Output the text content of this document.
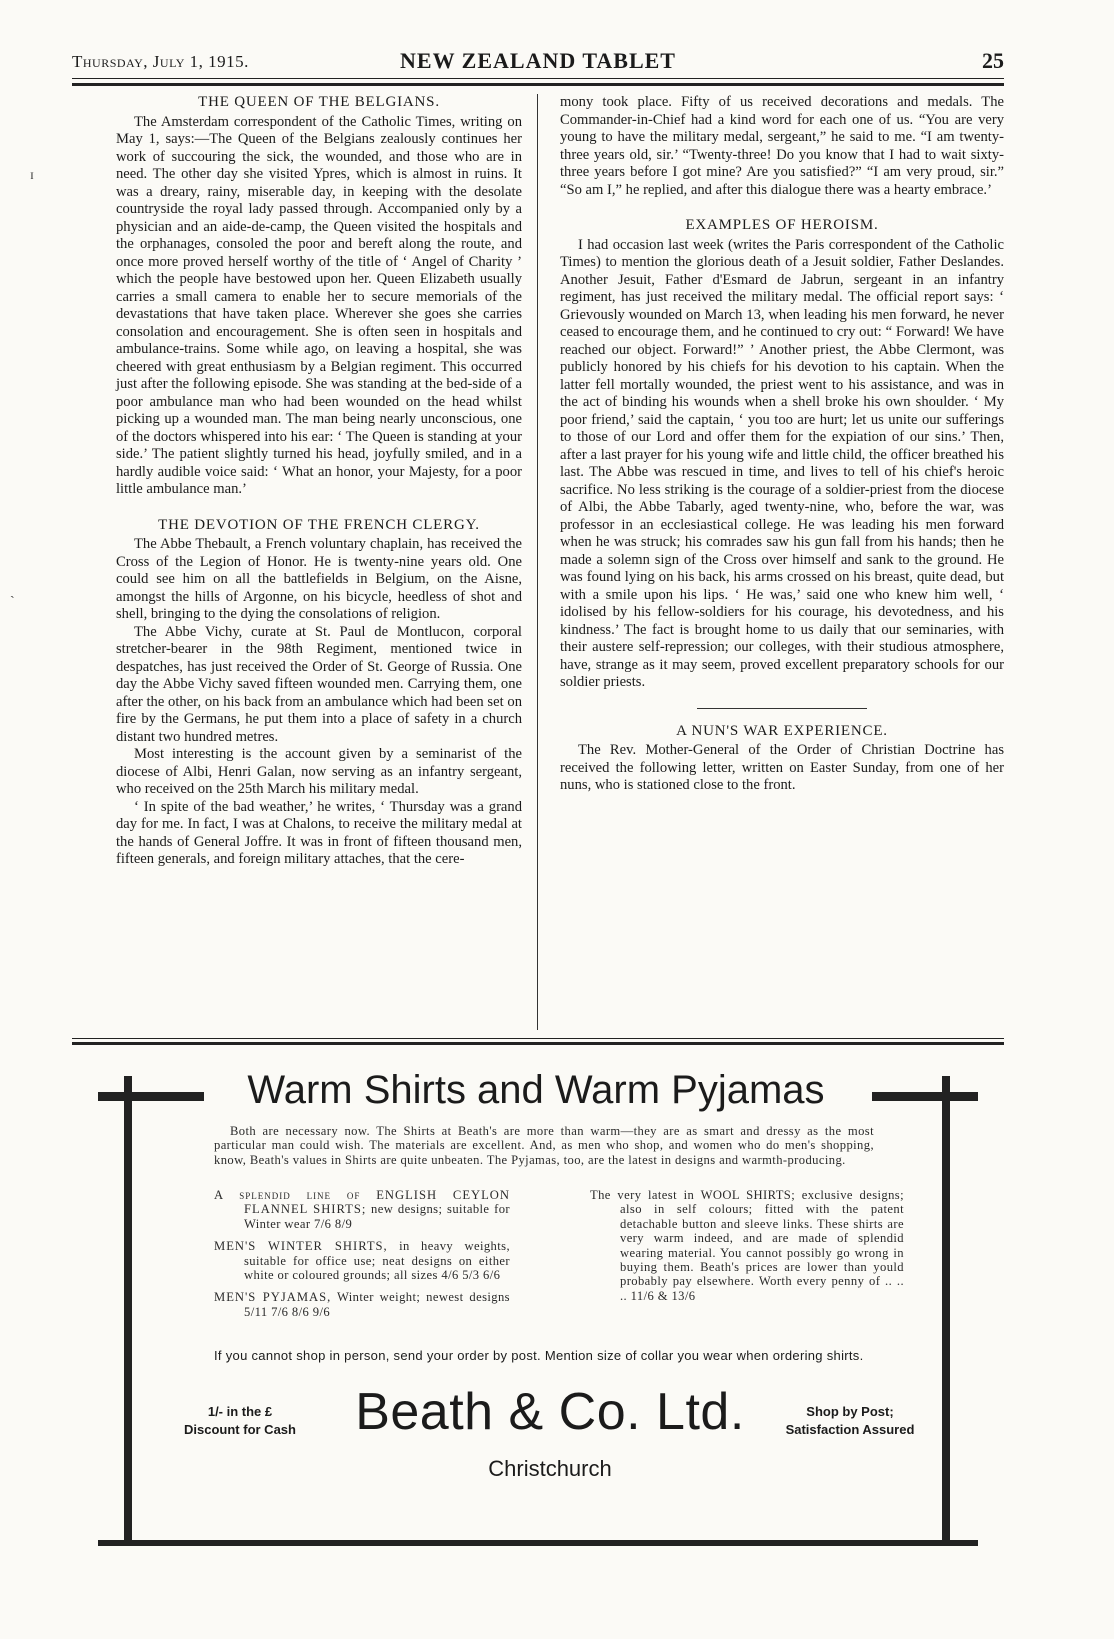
Thursday, July 1, 1915.	NEW ZEALAND TABLET	25
ɪ
ˏ
THE QUEEN OF THE BELGIANS.

The Amsterdam correspondent of the Catholic Times, writing on May 1, says:—The Queen of the Belgians zealously continues her work of succouring the sick, the wounded, and those who are in need. The other day she visited Ypres, which is almost in ruins. It was a dreary, rainy, miserable day, in keeping with the desolate countryside the royal lady passed through. Accompanied only by a physician and an aide-de-camp, the Queen visited the hospitals and the orphanages, consoled the poor and bereft along the route, and once more proved herself worthy of the title of ‘ Angel of Charity ’ which the people have bestowed upon her. Queen Elizabeth usually carries a small camera to enable her to secure memorials of the devastations that have taken place. Wherever she goes she carries consolation and encouragement. She is often seen in hospitals and ambulance-trains. Some while ago, on leaving a hospital, she was cheered with great enthusiasm by a Belgian regiment. This occurred just after the following episode. She was standing at the bed-side of a poor ambulance man who had been wounded on the head whilst picking up a wounded man. The man being nearly unconscious, one of the doctors whispered into his ear: ‘ The Queen is standing at your side.’ The patient slightly turned his head, joyfully smiled, and in a hardly audible voice said: ‘ What an honor, your Majesty, for a poor little ambulance man.’

THE DEVOTION OF THE FRENCH CLERGY.

The Abbe Thebault, a French voluntary chaplain, has received the Cross of the Legion of Honor. He is twenty-nine years old. One could see him on all the battlefields in Belgium, on the Aisne, amongst the hills of Argonne, on his bicycle, heedless of shot and shell, bringing to the dying the consolations of religion.

The Abbe Vichy, curate at St. Paul de Montlucon, corporal stretcher-bearer in the 98th Regiment, mentioned twice in despatches, has just received the Order of St. George of Russia. One day the Abbe Vichy saved fifteen wounded men. Carrying them, one after the other, on his back from an ambulance which had been set on fire by the Germans, he put them into a place of safety in a church distant two hundred metres.

Most interesting is the account given by a seminarist of the diocese of Albi, Henri Galan, now serving as an infantry sergeant, who received on the 25th March his military medal.

‘ In spite of the bad weather,’ he writes, ‘ Thursday was a grand day for me. In fact, I was at Chalons, to receive the military medal at the hands of General Joffre. It was in front of fifteen thousand men, fifteen generals, and foreign military attaches, that the cere-

mony took place. Fifty of us received decorations and medals. The Commander-in-Chief had a kind word for each one of us. “You are very young to have the military medal, sergeant,” he said to me. “I am twenty-three years old, sir.’ “Twenty-three! Do you know that I had to wait sixty-three years before I got mine? Are you satisfied?” “I am very proud, sir.” “So am I,” he replied, and after this dialogue there was a hearty embrace.’

EXAMPLES OF HEROISM.

I had occasion last week (writes the Paris correspondent of the Catholic Times) to mention the glorious death of a Jesuit soldier, Father Deslandes. Another Jesuit, Father d'Esmard de Jabrun, sergeant in an infantry regiment, has just received the military medal. The official report says: ‘ Grievously wounded on March 13, when leading his men forward, he never ceased to encourage them, and he continued to cry out: “ Forward! We have reached our object. Forward!” ’ Another priest, the Abbe Clermont, was publicly honored by his chiefs for his devotion to his captain. When the latter fell mortally wounded, the priest went to his assistance, and was in the act of binding his wounds when a shell broke his own shoulder. ‘ My poor friend,’ said the captain, ‘ you too are hurt; let us unite our sufferings to those of our Lord and offer them for the expiation of our sins.’ Then, after a last prayer for his young wife and little child, the officer breathed his last. The Abbe was rescued in time, and lives to tell of his chief's heroic sacrifice. No less striking is the courage of a soldier-priest from the diocese of Albi, the Abbe Tabarly, aged twenty-nine, who, before the war, was professor in an ecclesiastical college. He was leading his men forward when he was struck; his comrades saw his gun fall from his hands; then he made a solemn sign of the Cross over himself and sank to the ground. He was found lying on his back, his arms crossed on his breast, quite dead, but with a smile upon his lips. ‘ He was,’ said one who knew him well, ‘ idolised by his fellow-soldiers for his courage, his devotedness, and his kindness.’ The fact is brought home to us daily that our seminaries, with their austere self-repression; our colleges, with their studious atmosphere, have, strange as it may seem, proved excellent preparatory schools for our soldier priests.

A NUN'S WAR EXPERIENCE.

The Rev. Mother-General of the Order of Christian Doctrine has received the following letter, written on Easter Sunday, from one of her nuns, who is stationed close to the front.

Warm Shirts and Warm Pyjamas
Both are necessary now. The Shirts at Beath's are more than warm—they are as smart and dressy as the most particular man could wish. The materials are excellent. And, as men who shop, and women who do men's shopping, know, Beath's values in Shirts are quite unbeaten. The Pyjamas, too, are the latest in designs and warmth-producing.
A splendid line of ENGLISH CEYLON FLANNEL SHIRTS; new designs; suitable for Winter wear 7/6 8/9
MEN'S WINTER SHIRTS, in heavy weights, suitable for office use; neat designs on either white or coloured grounds; all sizes 4/6 5/3 6/6
MEN'S PYJAMAS, Winter weight; newest designs 5/11 7/6 8/6 9/6
The very latest in WOOL SHIRTS; exclusive designs; also in self colours; fitted with the patent detachable button and sleeve links. These shirts are very warm indeed, and are made of splendid wearing material. You cannot possibly go wrong in buying them. Beath's prices are lower than yould probably pay elsewhere. Worth every penny of .. .. .. 11/6 & 13/6
If you cannot shop in person, send your order by post. Mention size of collar you wear when ordering shirts.
1/- in the £
Discount for Cash	Beath & Co. Ltd.	Shop by Post;
Satisfaction Assured
Christchurch
